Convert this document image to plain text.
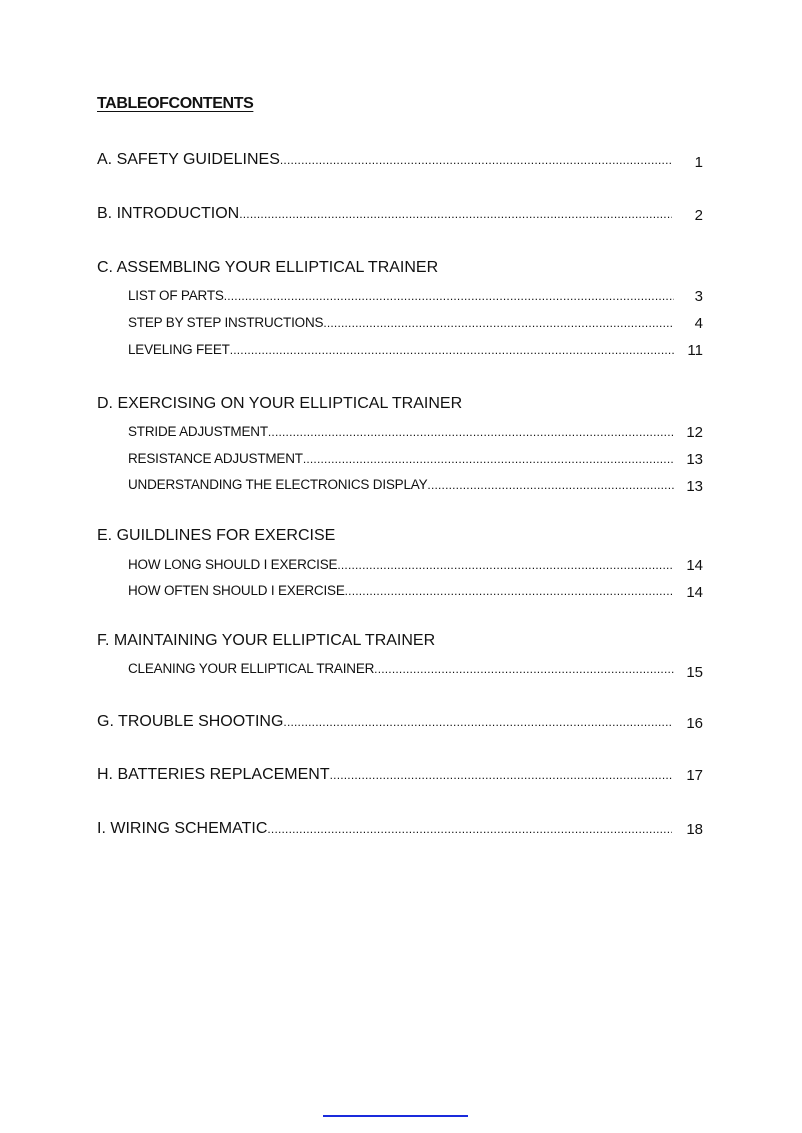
TABLEOFCONTENTS
A. SAFETY GUIDELINES .....	1
B. INTRODUCTION .....	2
C. ASSEMBLING YOUR ELLIPTICAL TRAINER
LIST OF PARTS .....	3
STEP BY STEP INSTRUCTIONS .....	4
LEVELING FEET .....	11
D. EXERCISING ON YOUR ELLIPTICAL TRAINER
STRIDE ADJUSTMENT .....	12
RESISTANCE ADJUSTMENT .....	13
UNDERSTANDING THE ELECTRONICS DISPLAY .....	13
E. GUILDLINES FOR EXERCISE
HOW LONG SHOULD I EXERCISE .....	14
HOW OFTEN SHOULD I EXERCISE .....	14
F. MAINTAINING YOUR ELLIPTICAL TRAINER
CLEANING YOUR ELLIPTICAL TRAINER .....	15
G. TROUBLE SHOOTING .....	16
H. BATTERIES REPLACEMENT .....	17
I. WIRING SCHEMATIC .....	18
